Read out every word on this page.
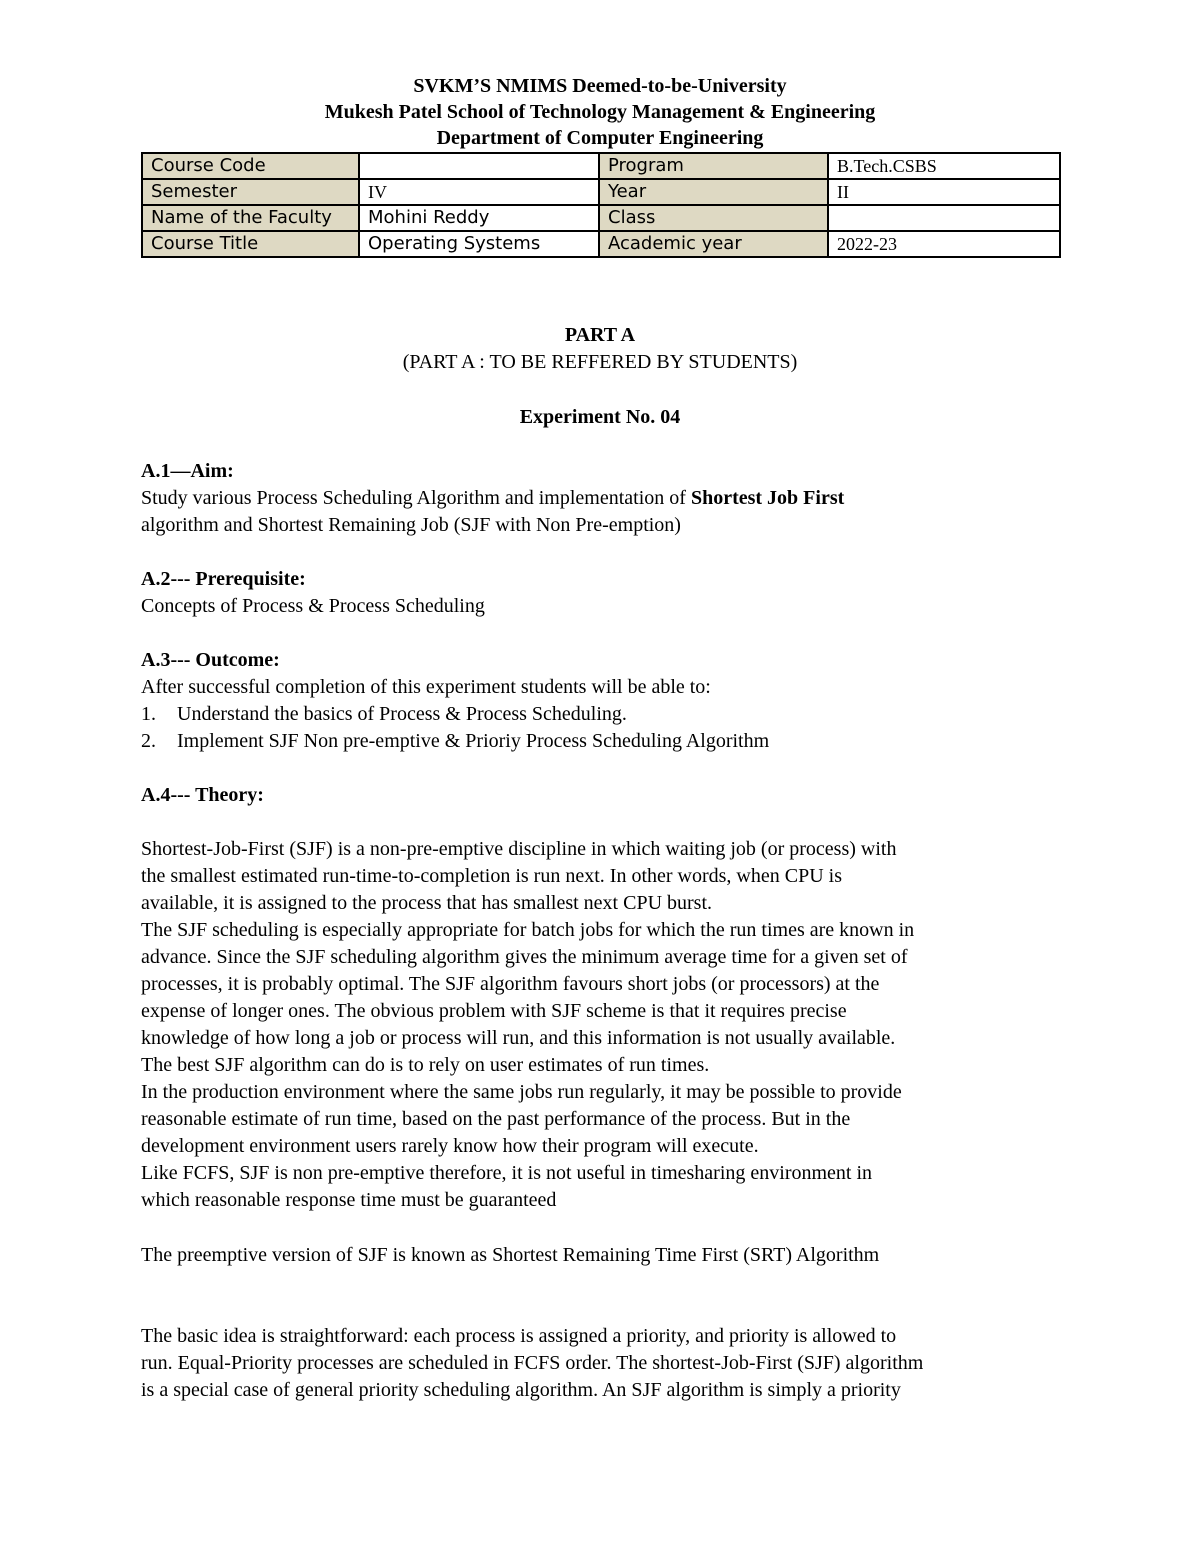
SVKM’S NMIMS Deemed-to-be-University
Mukesh Patel School of Technology Management & Engineering
Department of Computer Engineering
Course Code		Program	B.Tech.CSBS
Semester	IV	Year	II
Name of the Faculty	Mohini Reddy	Class	
Course Title	Operating Systems	Academic year	2022-23
PART A
(PART A : TO BE REFFERED BY STUDENTS)
Experiment No. 04

A.1—Aim:

Study various Process Scheduling Algorithm and implementation of Shortest Job First

algorithm and Shortest Remaining Job (SJF with Non Pre-emption)

A.2--- Prerequisite:

Concepts of Process & Process Scheduling

A.3--- Outcome:

After successful completion of this experiment students will be able to:

1.	Understand the basics of Process & Process Scheduling.
2.	Implement SJF Non pre-emptive & Prioriy Process Scheduling Algorithm

A.4--- Theory:

Shortest-Job-First (SJF) is a non-pre-emptive discipline in which waiting job (or process) with

the smallest estimated run-time-to-completion is run next. In other words, when CPU is

available, it is assigned to the process that has smallest next CPU burst.

The SJF scheduling is especially appropriate for batch jobs for which the run times are known in

advance. Since the SJF scheduling algorithm gives the minimum average time for a given set of

processes, it is probably optimal. The SJF algorithm favours short jobs (or processors) at the

expense of longer ones. The obvious problem with SJF scheme is that it requires precise

knowledge of how long a job or process will run, and this information is not usually available.

The best SJF algorithm can do is to rely on user estimates of run times.

In the production environment where the same jobs run regularly, it may be possible to provide

reasonable estimate of run time, based on the past performance of the process. But in the

development environment users rarely know how their program will execute.

Like FCFS, SJF is non pre-emptive therefore, it is not useful in timesharing environment in

which reasonable response time must be guaranteed

The preemptive version of SJF is known as Shortest Remaining Time First (SRT) Algorithm

The basic idea is straightforward: each process is assigned a priority, and priority is allowed to

run. Equal-Priority processes are scheduled in FCFS order. The shortest-Job-First (SJF) algorithm

is a special case of general priority scheduling algorithm. An SJF algorithm is simply a priority
